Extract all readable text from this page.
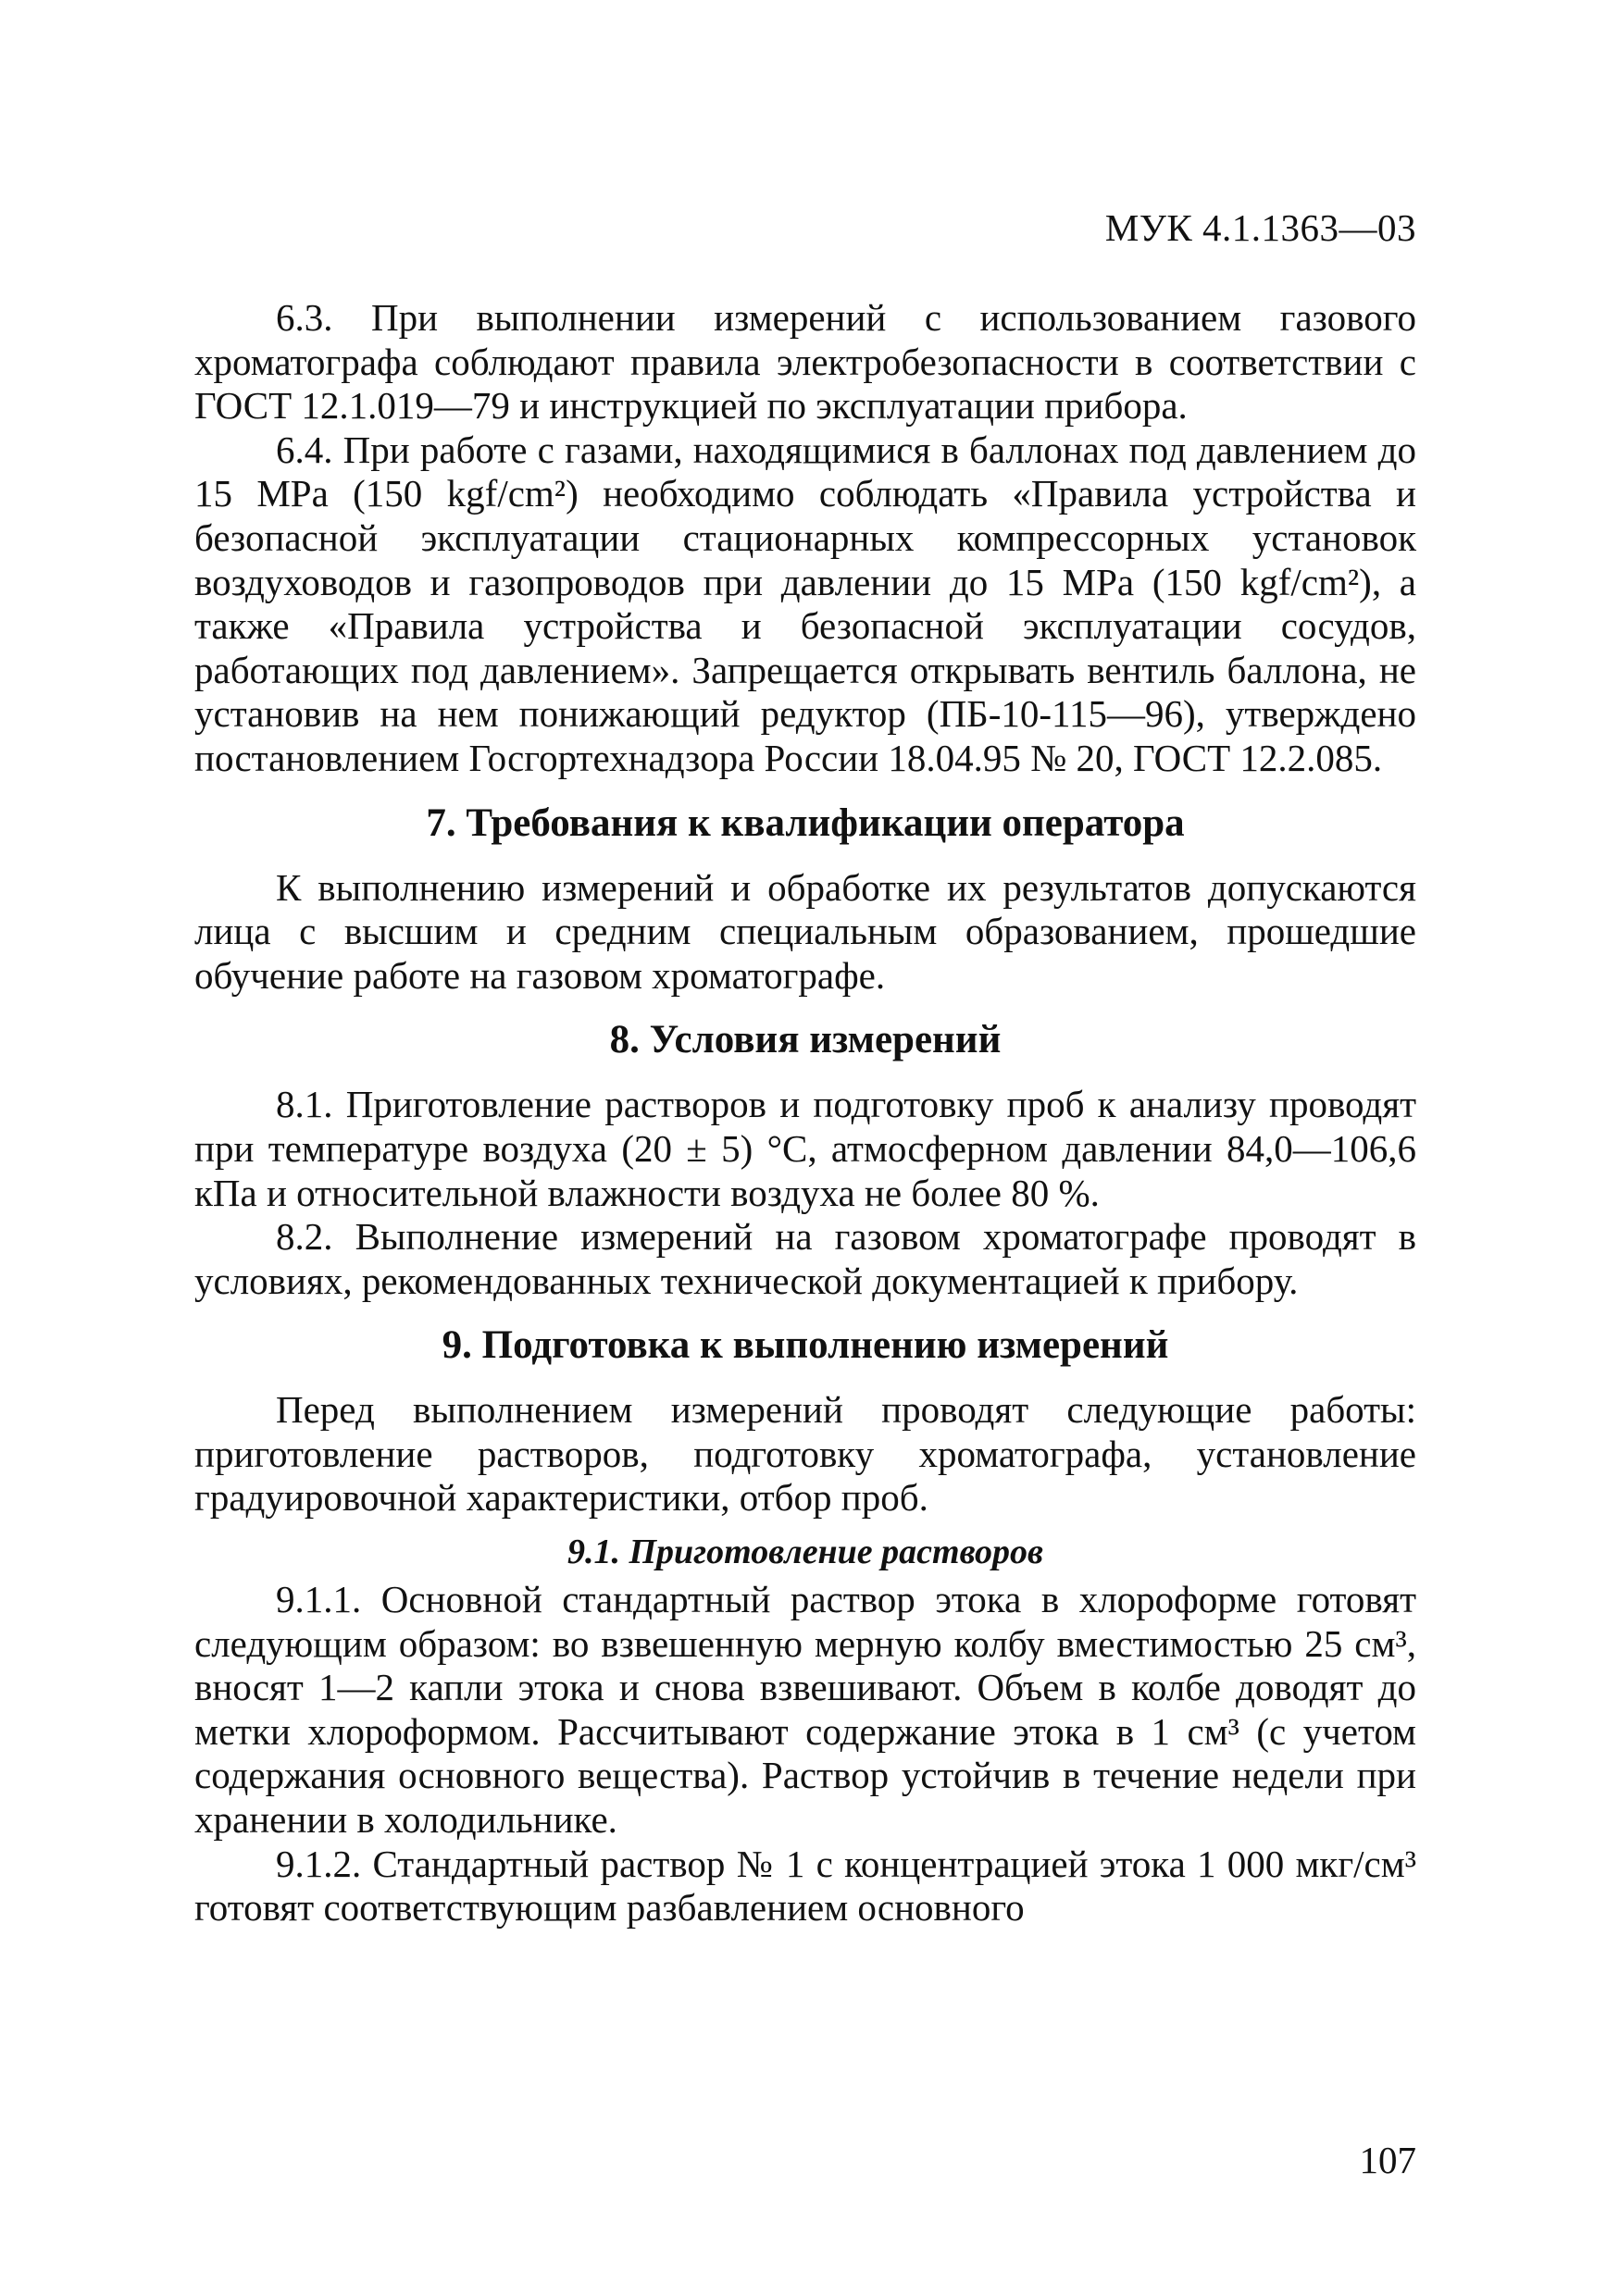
МУК 4.1.1363—03

6.3. При выполнении измерений с использованием газового хроматографа соблюдают правила электробезопасности в соответствии с ГОСТ 12.1.019—79 и инструкцией по эксплуатации прибора.

6.4. При работе с газами, находящимися в баллонах под давлением до 15 МРа (150 kgf/cm²) необходимо соблюдать «Правила устройства и безопасной эксплуатации стационарных компрессорных установок воздуховодов и газопроводов при давлении до 15 МРа (150 kgf/cm²), а также «Правила устройства и безопасной эксплуатации сосудов, работающих под давлением». Запрещается открывать вентиль баллона, не установив на нем понижающий редуктор (ПБ-10-115—96), утверждено постановлением Госгортехнадзора России 18.04.95 № 20, ГОСТ 12.2.085.

7. Требования к квалификации оператора

К выполнению измерений и обработке их результатов допускаются лица с высшим и средним специальным образованием, прошедшие обучение работе на газовом хроматографе.

8. Условия измерений

8.1. Приготовление растворов и подготовку проб к анализу проводят при температуре воздуха (20 ± 5) °С, атмосферном давлении 84,0—106,6 кПа и относительной влажности воздуха не более 80 %.

8.2. Выполнение измерений на газовом хроматографе проводят в условиях, рекомендованных технической документацией к прибору.

9. Подготовка к выполнению измерений

Перед выполнением измерений проводят следующие работы: приготовление растворов, подготовку хроматографа, установление градуировочной характеристики, отбор проб.

9.1. Приготовление растворов

9.1.1. Основной стандартный раствор этока в хлороформе готовят следующим образом: во взвешенную мерную колбу вместимостью 25 см³, вносят 1—2 капли этока и снова взвешивают. Объем в колбе доводят до метки хлороформом. Рассчитывают содержание этока в 1 см³ (с учетом содержания основного вещества). Раствор устойчив в течение недели при хранении в холодильнике.

9.1.2. Стандартный раствор № 1 с концентрацией этока 1 000 мкг/см³ готовят соответствующим разбавлением основного

107
